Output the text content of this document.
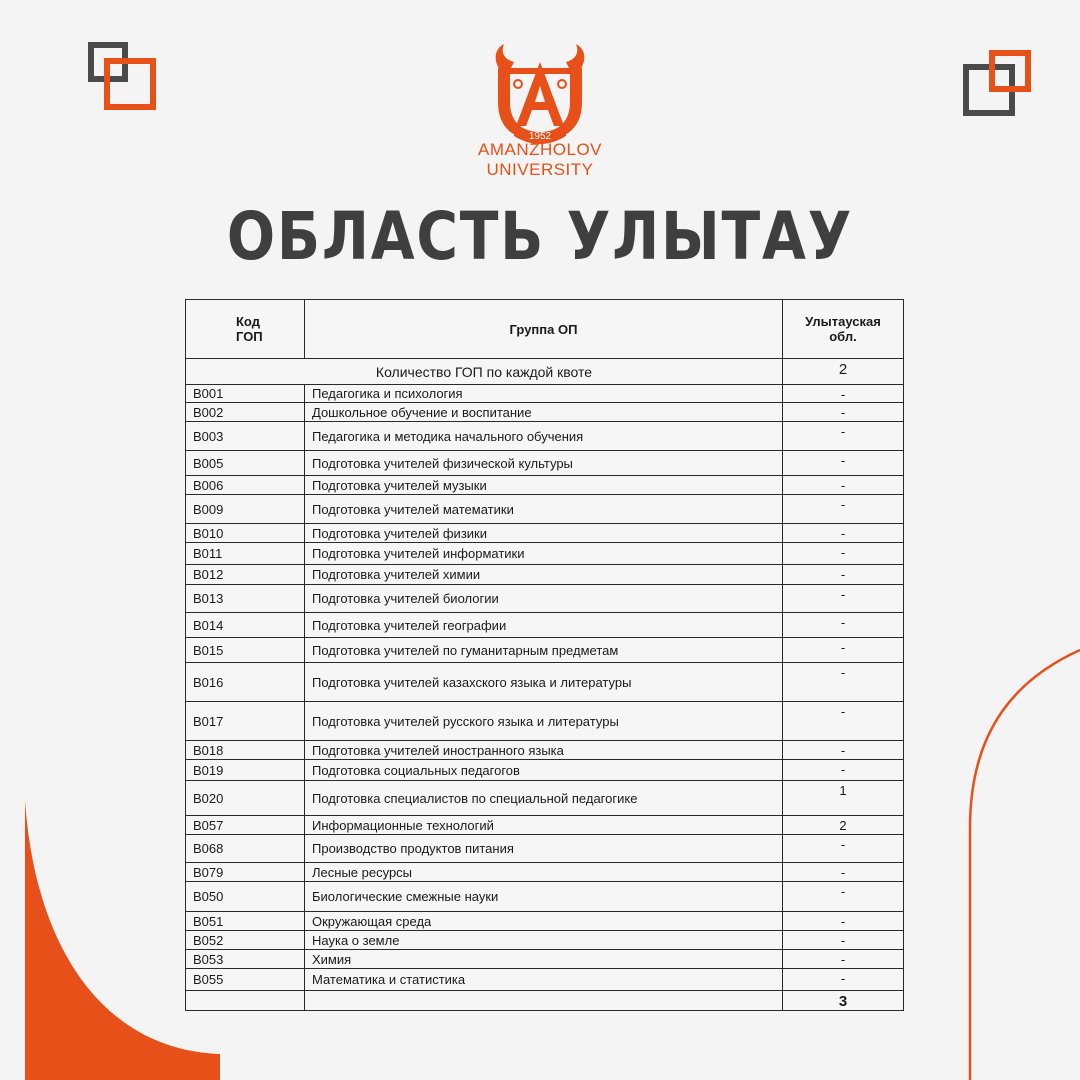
1952
AMANZHOLOV
UNIVERSITY
ОБЛАСТЬ УЛЫТАУ
Код ГОП	Группа ОП	Улытауская обл.
Количество ГОП по каждой квоте		2
B001	Педагогика и психология	-
B002	Дошкольное обучение и воспитание	-
B003	Педагогика и методика начального обучения	-
B005	Подготовка учителей физической культуры	-
B006	Подготовка учителей музыки	-
B009	Подготовка учителей математики	-
B010	Подготовка учителей физики	-
B011	Подготовка учителей информатики	-
B012	Подготовка учителей химии	-
B013	Подготовка учителей биологии	-
B014	Подготовка учителей географии	-
B015	Подготовка учителей по гуманитарным предметам	-
B016	Подготовка учителей казахского языка и литературы	-
B017	Подготовка учителей русского языка и литературы	-
B018	Подготовка учителей иностранного языка	-
B019	Подготовка социальных педагогов	-
B020	Подготовка специалистов по специальной педагогике	1
B057	Информационные технологий	2
B068	Производство продуктов питания	-
B079	Лесные ресурсы	-
B050	Биологические смежные науки	-
B051	Окружающая среда	-
B052	Наука о земле	-
B053	Химия	-
B055	Математика и статистика	-
		3
